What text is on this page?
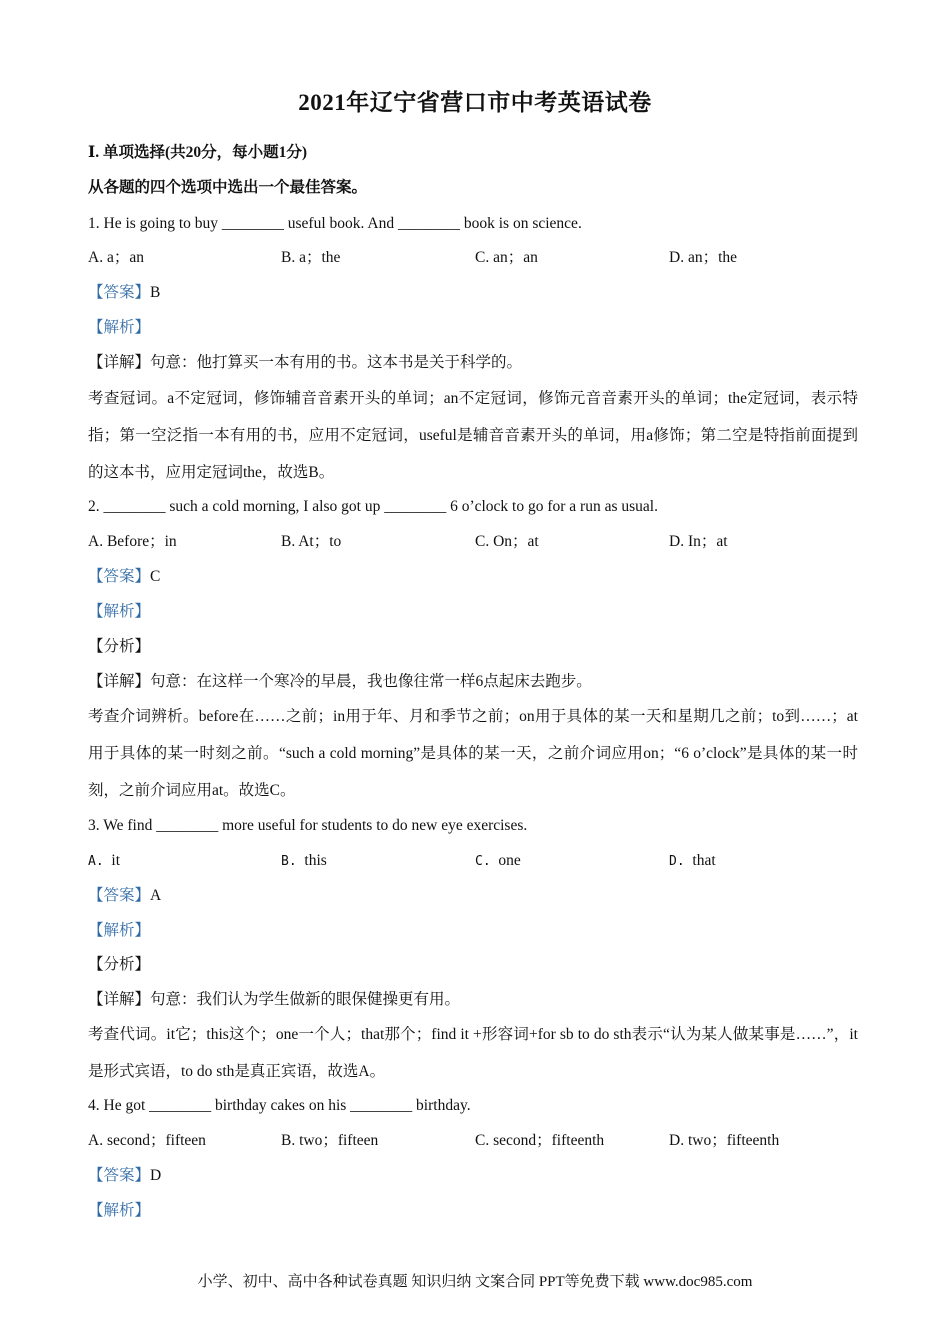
2021年辽宁省营口市中考英语试卷
Ⅰ. 单项选择(共20分，每小题1分)
从各题的四个选项中选出一个最佳答案。
1. He is going to buy ________ useful book. And ________ book is on science.
A. a；an	B. a；the	C. an；an	D. an；the
【答案】B
【解析】
【详解】句意：他打算买一本有用的书。这本书是关于科学的。
考查冠词。a不定冠词，修饰辅音音素开头的单词；an不定冠词，修饰元音音素开头的单词；the定冠词，表示特指；第一空泛指一本有用的书，应用不定冠词，useful是辅音音素开头的单词，用a修饰；第二空是特指前面提到的这本书，应用定冠词the，故选B。
2. ________ such a cold morning, I also got up ________ 6 o’clock to go for a run as usual.
A. Before；in	B. At；to	C. On；at	D. In；at
【答案】C
【解析】
【分析】
【详解】句意：在这样一个寒冷的早晨，我也像往常一样6点起床去跑步。
考查介词辨析。before在……之前；in用于年、月和季节之前；on用于具体的某一天和星期几之前；to到……；at用于具体的某一时刻之前。“such a cold morning”是具体的某一天，之前介词应用on；“6 o’clock”是具体的某一时刻，之前介词应用at。故选C。
3. We find ________ more useful for students to do new eye exercises.
A. it	B. this	C. one	D. that
【答案】A
【解析】
【分析】
【详解】句意：我们认为学生做新的眼保健操更有用。
考查代词。it它；this这个；one一个人；that那个；find it +形容词+for sb to do sth表示“认为某人做某事是……”，it是形式宾语，to do sth是真正宾语，故选A。
4. He got ________ birthday cakes on his ________ birthday.
A. second；fifteen	B. two；fifteen	C. second；fifteenth	D. two；fifteenth
【答案】D
【解析】
小学、初中、高中各种试卷真题 知识归纳 文案合同 PPT等免费下载 www.doc985.com
